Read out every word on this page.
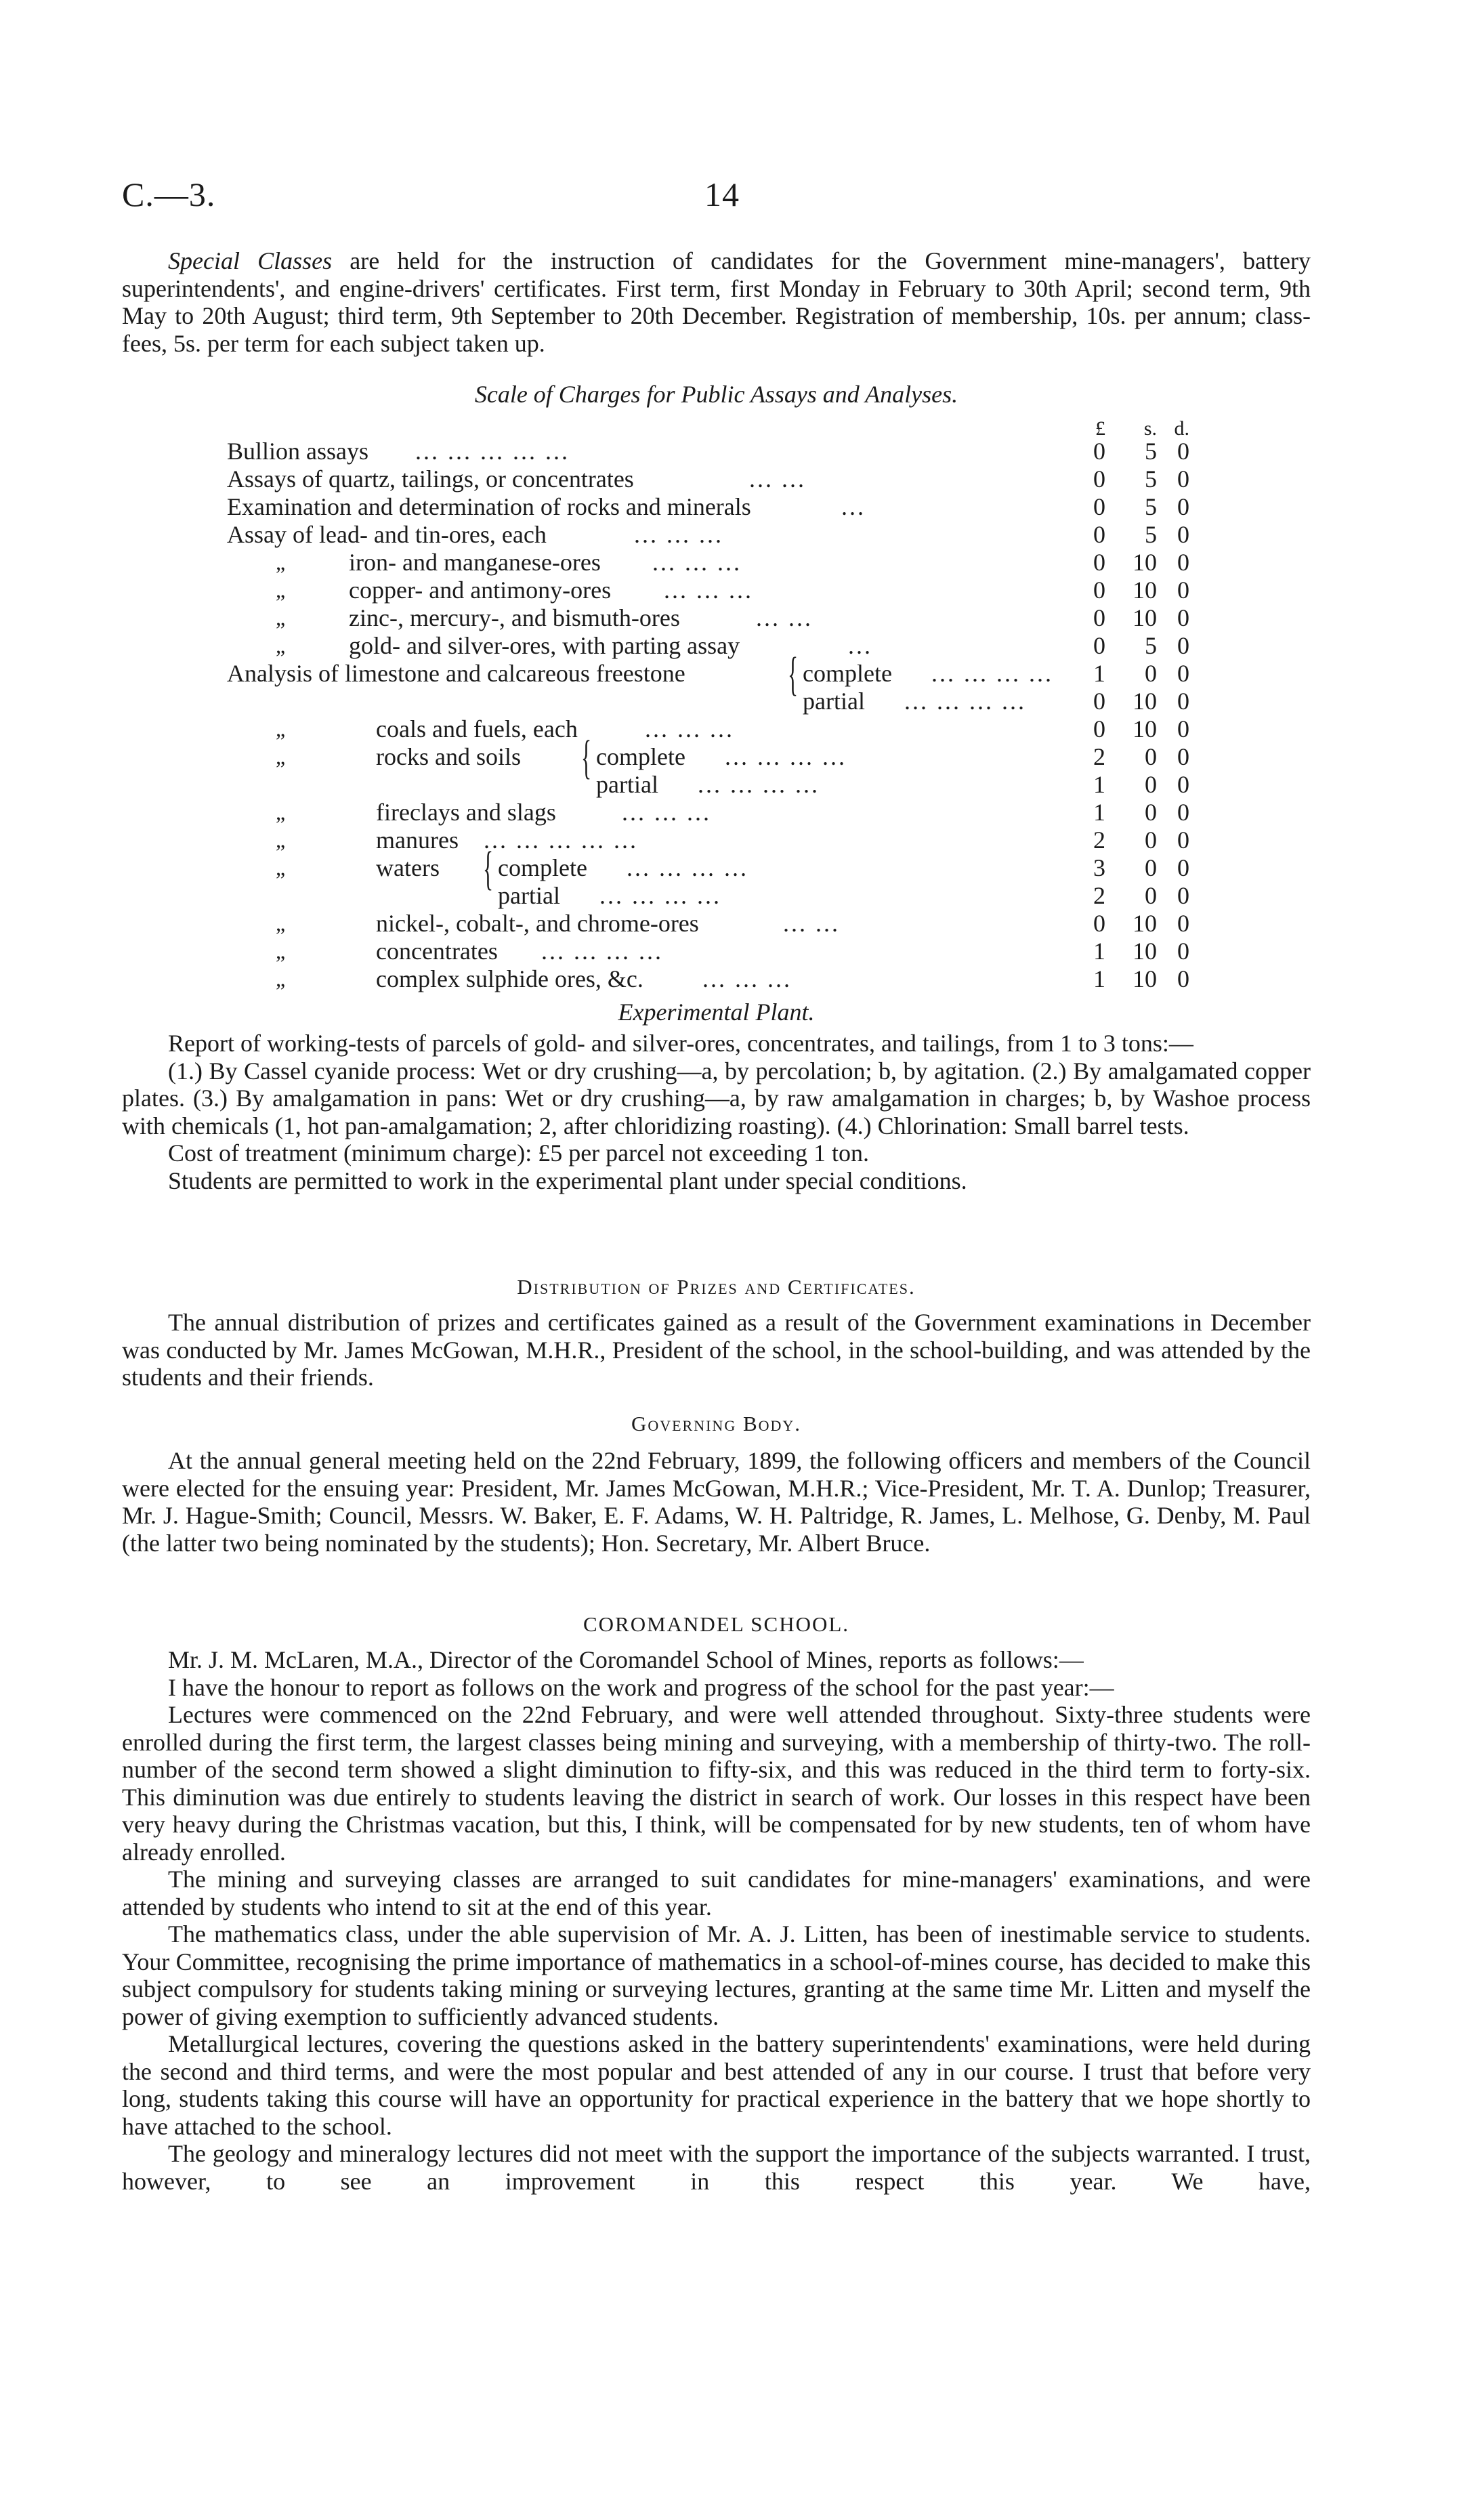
C.—3.	14

Special Classes are held for the instruction of candidates for the Government mine-managers', battery superintendents', and engine-drivers' certificates. First term, first Monday in February to 30th April; second term, 9th May to 20th August; third term, 9th September to 20th December. Registration of membership, 10s. per annum; class-fees, 5s. per term for each subject taken up.

Scale of Charges for Public Assays and Analyses.

£	s. d.
Bullion assays ... ... ... ... ...	0	5 0
Assays of quartz, tailings, or concentrates	... ...	0	5 0
Examination and determination of rocks and minerals	...	0	5 0
Assay of lead- and tin-ores, each	... ... ...	0	5 0
„	iron- and manganese-ores ... ... ...	0	10 0
„	copper- and antimony-ores ... ... ...	0	10 0
„	zinc-, mercury-, and bismuth-ores	... ...	0	10 0
„	gold- and silver-ores, with parting assay	...	0	5 0
Analysis of limestone and calcareous freestone { complete ... ... ... ... 1	0 0
partial ... ... ... ...	0	10 0
„	coals and fuels, each	... ... ...	0	10 0
„	rocks and soils { complete ... ... ... ...	2	0 0
partial ... ... ... ...	1	0 0
„	fireclays and slags	... ... ...	1	0 0
„	manures ... ... ... ... ...	2	0 0
„	waters { complete ... ... ... ...	3	0 0
partial ... ... ... ...	2	0 0
„	nickel-, cobalt-, and chrome-ores	... ...	0	10 0
„	concentrates ... ... ... ...	1	10 0
„	complex sulphide ores, &c. ... ... ...	1	10 0

Experimental Plant.

Report of working-tests of parcels of gold- and silver-ores, concentrates, and tailings, from 1 to 3 tons:—

(1.) By Cassel cyanide process: Wet or dry crushing—a, by percolation; b, by agitation. (2.) By amalgamated copper plates. (3.) By amalgamation in pans: Wet or dry crushing—a, by raw amalgamation in charges; b, by Washoe process with chemicals (1, hot pan-amalgamation; 2, after chloridizing roasting). (4.) Chlorination: Small barrel tests.

Cost of treatment (minimum charge): £5 per parcel not exceeding 1 ton.

Students are permitted to work in the experimental plant under special conditions.

Distribution of Prizes and Certificates.

The annual distribution of prizes and certificates gained as a result of the Government examinations in December was conducted by Mr. James McGowan, M.H.R., President of the school, in the school-building, and was attended by the students and their friends.

Governing Body.

At the annual general meeting held on the 22nd February, 1899, the following officers and members of the Council were elected for the ensuing year: President, Mr. James McGowan, M.H.R.; Vice-President, Mr. T. A. Dunlop; Treasurer, Mr. J. Hague-Smith; Council, Messrs. W. Baker, E. F. Adams, W. H. Paltridge, R. James, L. Melhose, G. Denby, M. Paul (the latter two being nominated by the students); Hon. Secretary, Mr. Albert Bruce.

COROMANDEL SCHOOL.

Mr. J. M. McLaren, M.A., Director of the Coromandel School of Mines, reports as follows:—

I have the honour to report as follows on the work and progress of the school for the past year:—

Lectures were commenced on the 22nd February, and were well attended throughout. Sixty-three students were enrolled during the first term, the largest classes being mining and surveying, with a membership of thirty-two. The roll-number of the second term showed a slight diminution to fifty-six, and this was reduced in the third term to forty-six. This diminution was due entirely to students leaving the district in search of work. Our losses in this respect have been very heavy during the Christmas vacation, but this, I think, will be compensated for by new students, ten of whom have already enrolled.

The mining and surveying classes are arranged to suit candidates for mine-managers' examinations, and were attended by students who intend to sit at the end of this year.

The mathematics class, under the able supervision of Mr. A. J. Litten, has been of inestimable service to students. Your Committee, recognising the prime importance of mathematics in a school-of-mines course, has decided to make this subject compulsory for students taking mining or surveying lectures, granting at the same time Mr. Litten and myself the power of giving exemption to sufficiently advanced students.

Metallurgical lectures, covering the questions asked in the battery superintendents' examinations, were held during the second and third terms, and were the most popular and best attended of any in our course. I trust that before very long, students taking this course will have an opportunity for practical experience in the battery that we hope shortly to have attached to the school.

The geology and mineralogy lectures did not meet with the support the importance of the subjects warranted. I trust, however, to see an improvement in this respect this year. We have,
